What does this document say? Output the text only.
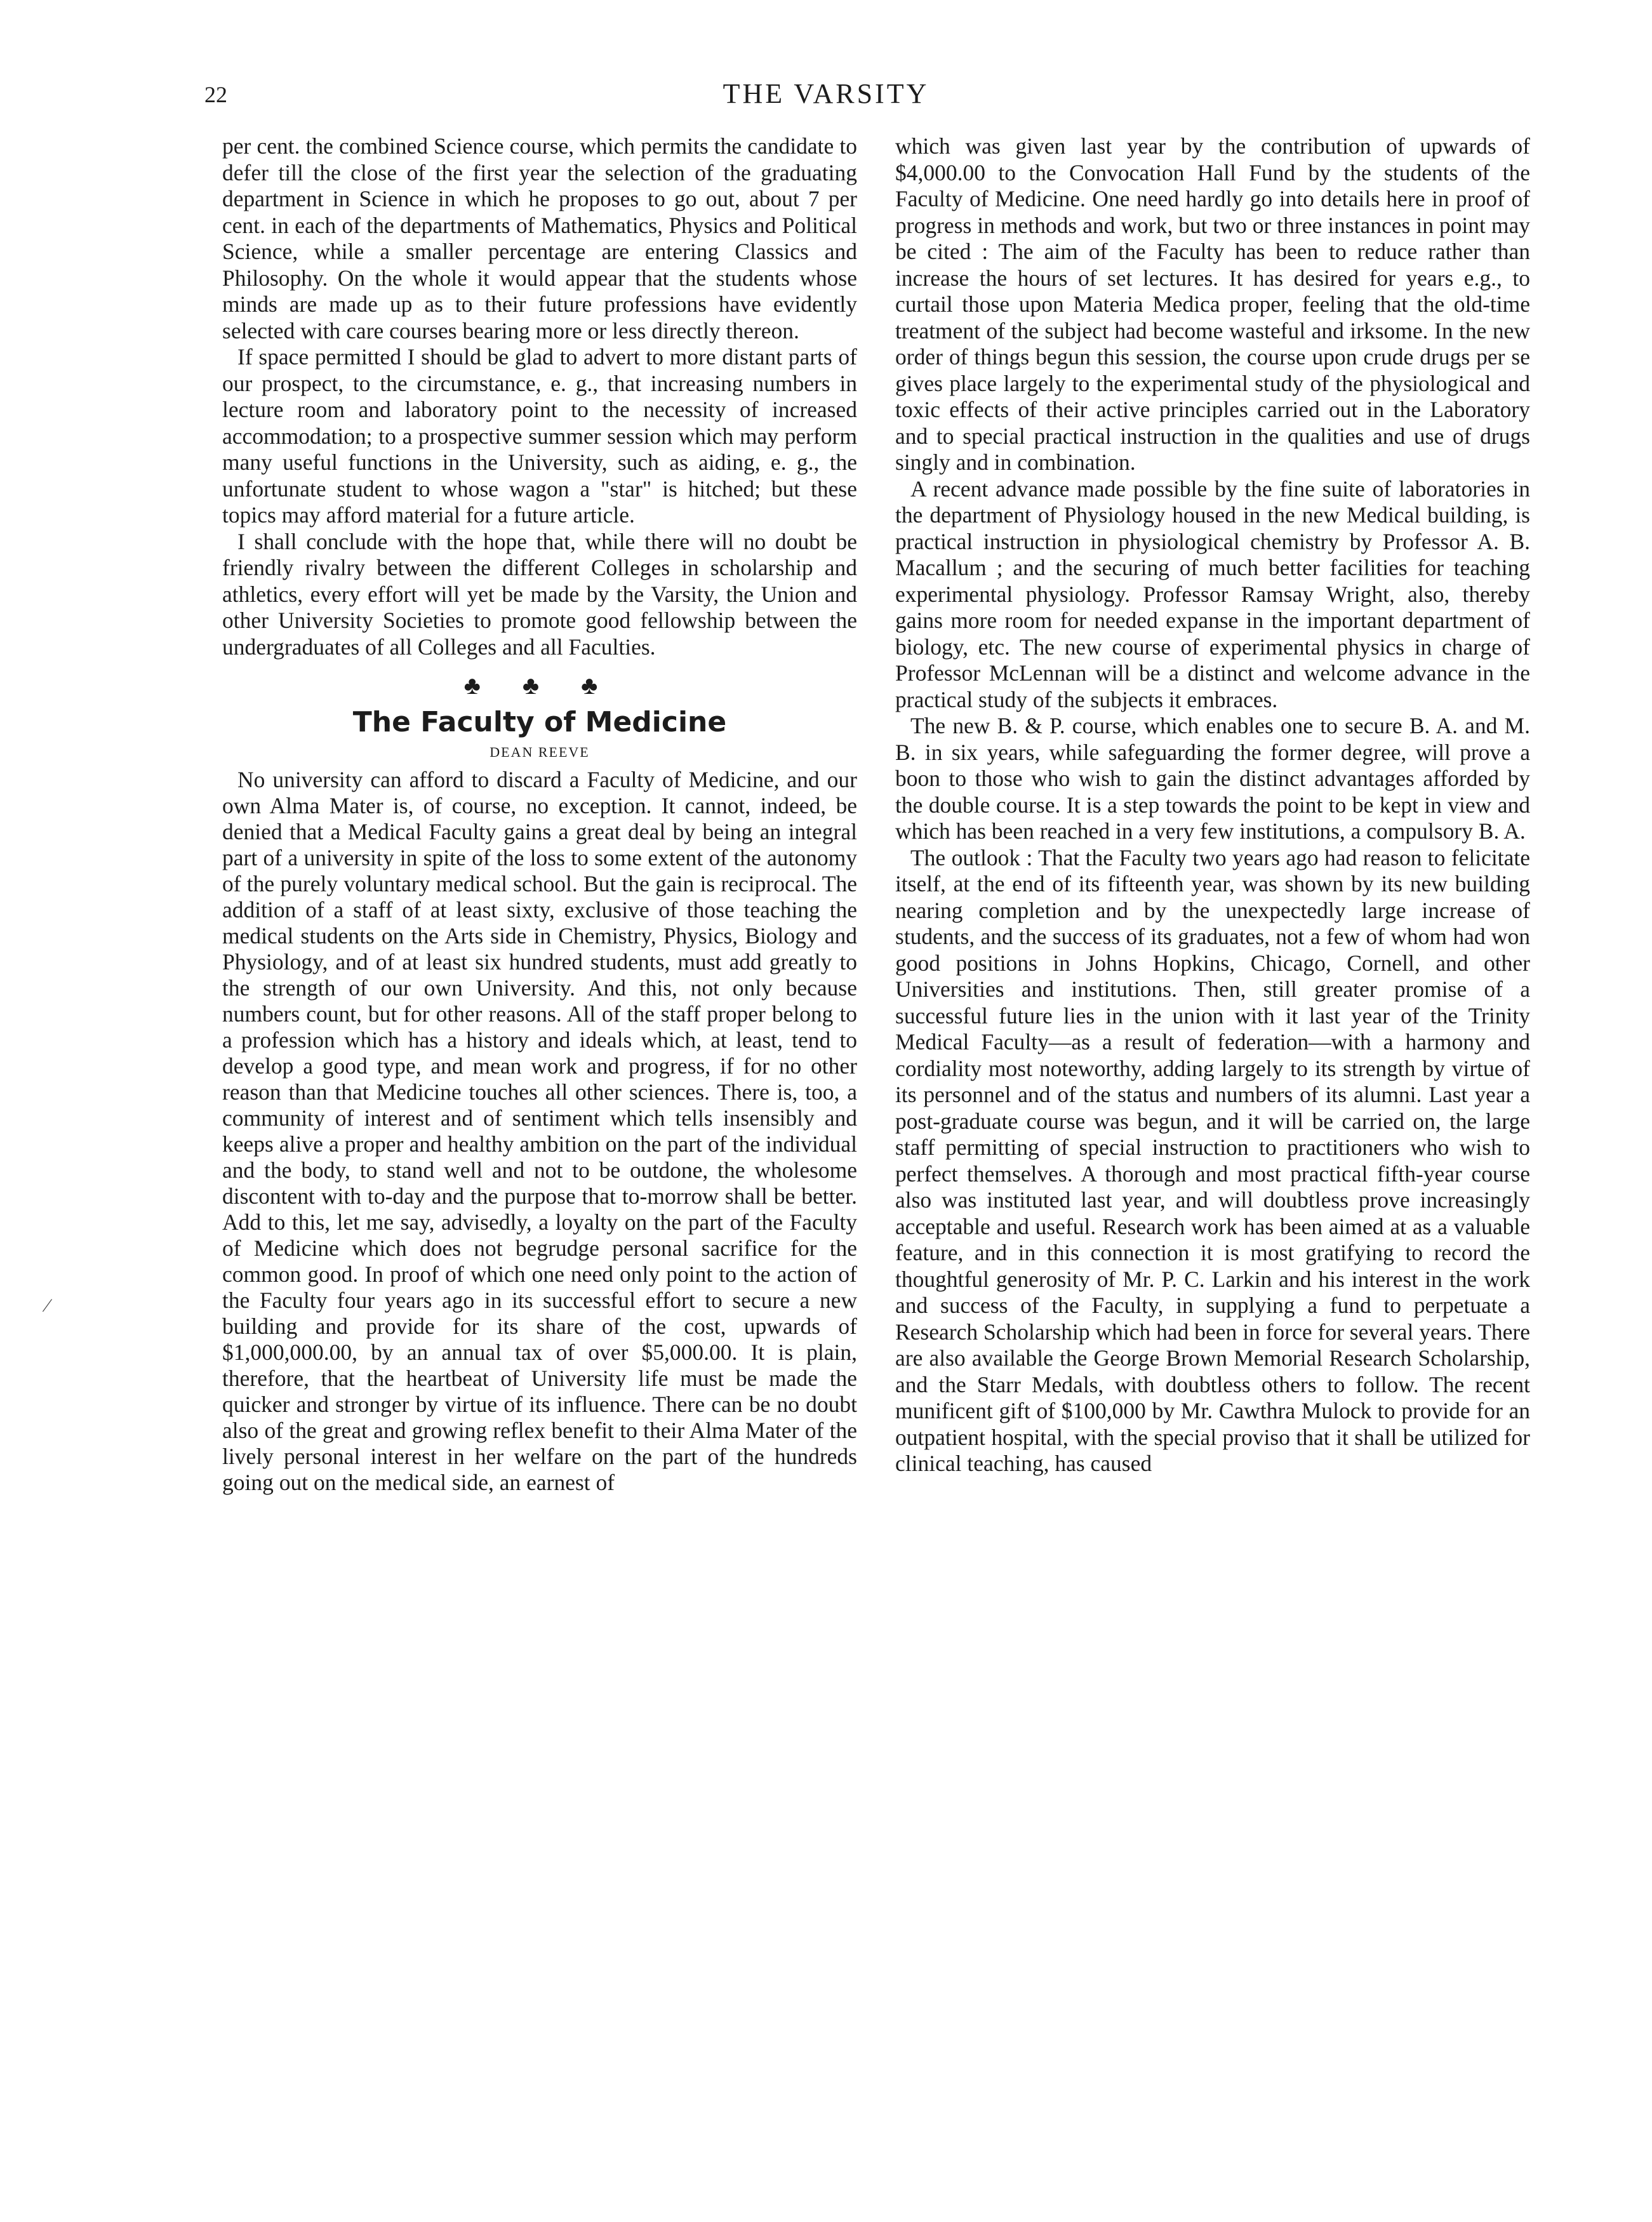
22	THE VARSITY

per cent. the combined Science course, which permits the candidate to defer till the close of the first year the selection of the graduating department in Science in which he proposes to go out, about 7 per cent. in each of the departments of Mathematics, Physics and Political Science, while a smaller percentage are entering Classics and Philosophy. On the whole it would appear that the students whose minds are made up as to their future professions have evidently selected with care courses bearing more or less directly thereon.

If space permitted I should be glad to advert to more distant parts of our prospect, to the circumstance, e. g., that increasing numbers in lecture room and laboratory point to the necessity of increased accommodation; to a prospective summer session which may perform many useful functions in the University, such as aiding, e. g., the unfortunate student to whose wagon a "star" is hitched; but these topics may afford material for a future article.

I shall conclude with the hope that, while there will no doubt be friendly rivalry between the different Colleges in scholarship and athletics, every effort will yet be made by the Varsity, the Union and other University Societies to promote good fellowship between the undergraduates of all Colleges and all Faculties.

♣ ♣ ♣
The Faculty of Medicine
DEAN REEVE

No university can afford to discard a Faculty of Medicine, and our own Alma Mater is, of course, no exception. It cannot, indeed, be denied that a Medical Faculty gains a great deal by being an integral part of a university in spite of the loss to some extent of the autonomy of the purely voluntary medical school. But the gain is reciprocal. The addition of a staff of at least sixty, exclusive of those teaching the medical students on the Arts side in Chemistry, Physics, Biology and Physiology, and of at least six hundred students, must add greatly to the strength of our own University. And this, not only because numbers count, but for other reasons. All of the staff proper belong to a profession which has a history and ideals which, at least, tend to develop a good type, and mean work and progress, if for no other reason than that Medicine touches all other sciences. There is, too, a community of interest and of sentiment which tells insensibly and keeps alive a proper and healthy ambition on the part of the individual and the body, to stand well and not to be outdone, the wholesome discontent with to-day and the purpose that to-morrow shall be better. Add to this, let me say, advisedly, a loyalty on the part of the Faculty of Medicine which does not begrudge personal sacrifice for the common good. In proof of which one need only point to the action of the Faculty four years ago in its successful effort to secure a new building and provide for its share of the cost, upwards of $1,000,000.00, by an annual tax of over $5,000.00. It is plain, therefore, that the heartbeat of University life must be made the quicker and stronger by virtue of its influence. There can be no doubt also of the great and growing reflex benefit to their Alma Mater of the lively personal interest in her welfare on the part of the hundreds going out on the medical side, an earnest of

which was given last year by the contribution of upwards of $4,000.00 to the Convocation Hall Fund by the students of the Faculty of Medicine. One need hardly go into details here in proof of progress in methods and work, but two or three instances in point may be cited : The aim of the Faculty has been to reduce rather than increase the hours of set lectures. It has desired for years e.g., to curtail those upon Materia Medica proper, feeling that the old-time treatment of the subject had become wasteful and irksome. In the new order of things begun this session, the course upon crude drugs per se gives place largely to the experimental study of the physiological and toxic effects of their active principles carried out in the Laboratory and to special practical instruction in the qualities and use of drugs singly and in combination.

A recent advance made possible by the fine suite of laboratories in the department of Physiology housed in the new Medical building, is practical instruction in physiological chemistry by Professor A. B. Macallum ; and the securing of much better facilities for teaching experimental physiology. Professor Ramsay Wright, also, thereby gains more room for needed expanse in the important department of biology, etc. The new course of experimental physics in charge of Professor McLennan will be a distinct and welcome advance in the practical study of the subjects it embraces.

The new B. & P. course, which enables one to secure B. A. and M. B. in six years, while safeguarding the former degree, will prove a boon to those who wish to gain the distinct advantages afforded by the double course. It is a step towards the point to be kept in view and which has been reached in a very few institutions, a compulsory B. A.

The outlook : That the Faculty two years ago had reason to felicitate itself, at the end of its fifteenth year, was shown by its new building nearing completion and by the unexpectedly large increase of students, and the success of its graduates, not a few of whom had won good positions in Johns Hopkins, Chicago, Cornell, and other Universities and institutions. Then, still greater promise of a successful future lies in the union with it last year of the Trinity Medical Faculty—as a result of federation—with a harmony and cordiality most noteworthy, adding largely to its strength by virtue of its personnel and of the status and numbers of its alumni. Last year a post-graduate course was begun, and it will be carried on, the large staff permitting of special instruction to practitioners who wish to perfect themselves. A thorough and most practical fifth-year course also was instituted last year, and will doubtless prove increasingly acceptable and useful. Research work has been aimed at as a valuable feature, and in this connection it is most gratifying to record the thoughtful generosity of Mr. P. C. Larkin and his interest in the work and success of the Faculty, in supplying a fund to perpetuate a Research Scholarship which had been in force for several years. There are also available the George Brown Memorial Research Scholarship, and the Starr Medals, with doubtless others to follow. The recent munificent gift of $100,000 by Mr. Cawthra Mulock to provide for an outpatient hospital, with the special proviso that it shall be utilized for clinical teaching, has caused

⁄
